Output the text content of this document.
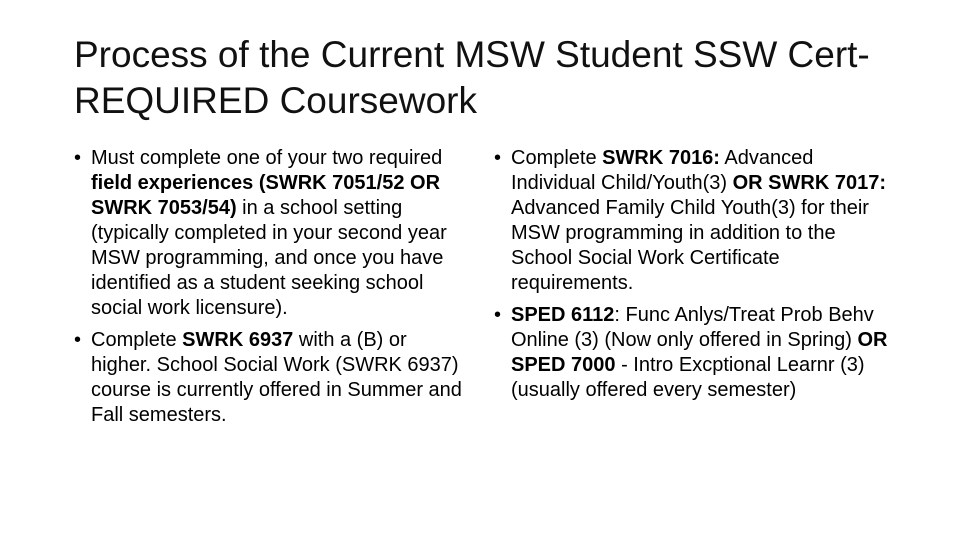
Process of the Current MSW Student SSW Cert- REQUIRED Coursework
• Must complete one of your two required field experiences (SWRK 7051/52 OR SWRK 7053/54) in a school setting (typically completed in your second year MSW programming, and once you have identified as a student seeking school social work licensure).
• Complete SWRK 6937 with a (B) or higher. School Social Work (SWRK 6937) course is currently offered in Summer and Fall semesters.
• Complete SWRK 7016: Advanced Individual Child/Youth(3) OR SWRK 7017: Advanced Family Child Youth(3) for their MSW programming in addition to the School Social Work Certificate requirements.
• SPED 6112: Func Anlys/Treat Prob Behv Online (3) (Now only offered in Spring) OR SPED 7000 - Intro Excptional Learnr (3) (usually offered every semester)
